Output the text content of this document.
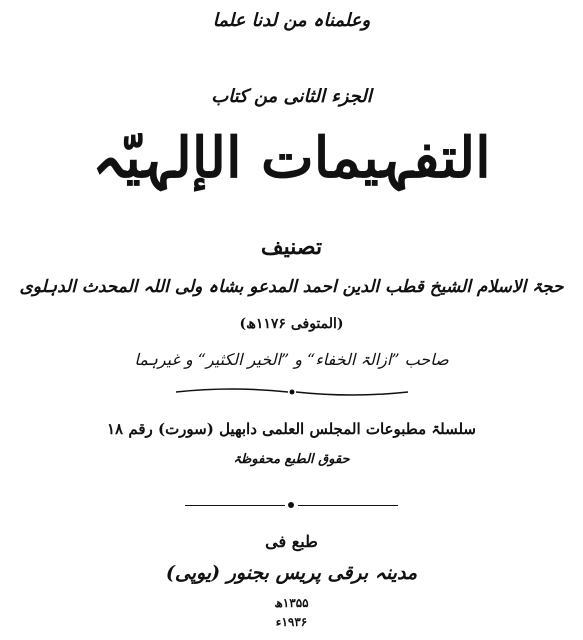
وعلمناہ من لدنا علما
الجزء الثانی من کتاب
التفہیمات الإلہیّہ
تصنیف
حجۃ الاسلام الشیخ قطب الدین احمد المدعو بشاہ ولی اللہ المحدث الدہلوی
(المتوفی ۱۱۷۶ھ)
صاحب ”ازالۃ الخفاء“ و ”الخیر الکثیر“ و غیرہما
سلسلۃ مطبوعات المجلس العلمی دابھیل (سورت) رقم ۱۸
حقوق الطبع محفوظۃ
طبع فی
مدینہ برقی پریس بجنور (یوپی)
۱۳۵۵ھ
۱۹۳۶ء
